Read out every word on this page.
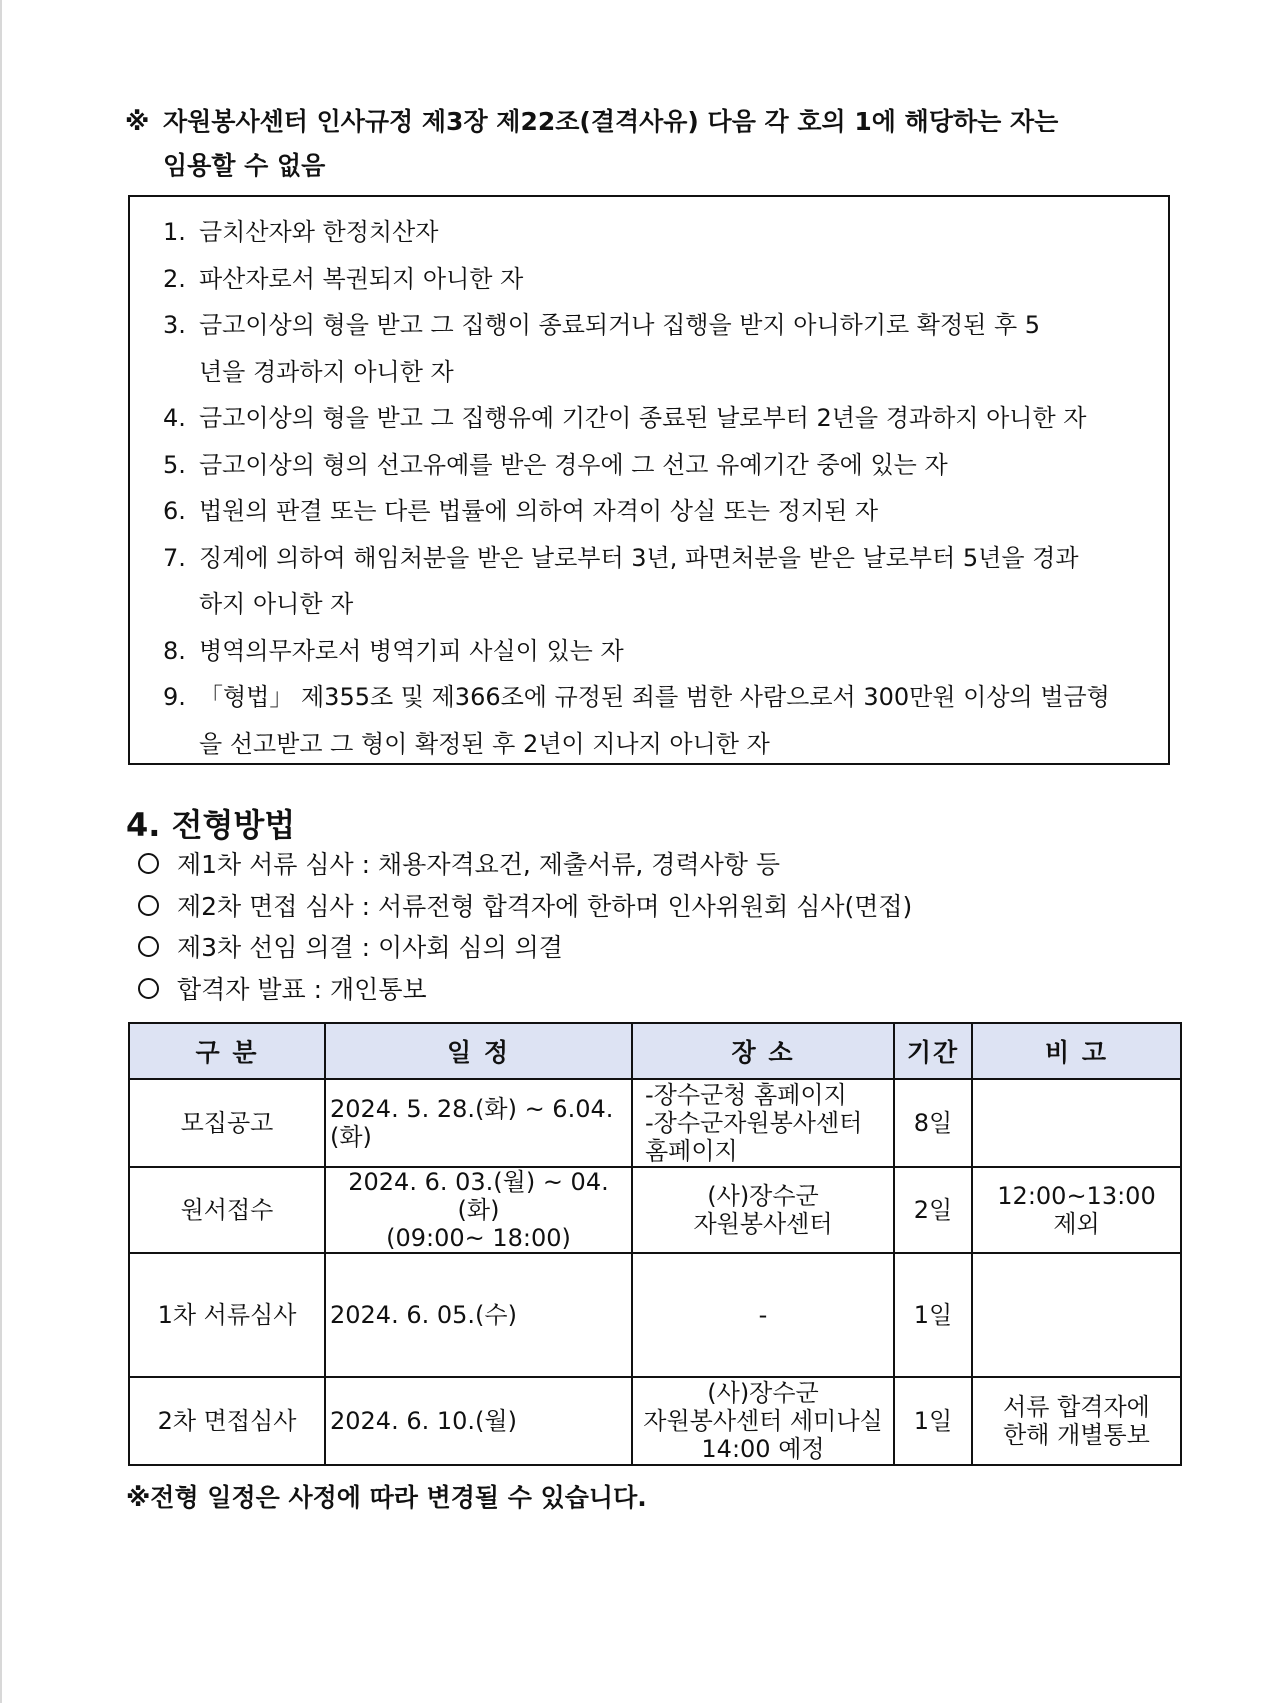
※ 자원봉사센터 인사규정 제3장 제22조(결격사유) 다음 각 호의 1에 해당하는 자는
임용할 수 없음
1. 금치산자와 한정치산자
2. 파산자로서 복권되지 아니한 자
3. 금고이상의 형을 받고 그 집행이 종료되거나 집행을 받지 아니하기로 확정된 후 5
년을 경과하지 아니한 자
4. 금고이상의 형을 받고 그 집행유예 기간이 종료된 날로부터 2년을 경과하지 아니한 자
5. 금고이상의 형의 선고유예를 받은 경우에 그 선고 유예기간 중에 있는 자
6. 법원의 판결 또는 다른 법률에 의하여 자격이 상실 또는 정지된 자
7. 징계에 의하여 해임처분을 받은 날로부터 3년, 파면처분을 받은 날로부터 5년을 경과
하지 아니한 자
8. 병역의무자로서 병역기피 사실이 있는 자
9. 「형법」 제355조 및 제366조에 규정된 죄를 범한 사람으로서 300만원 이상의 벌금형
을 선고받고 그 형이 확정된 후 2년이 지나지 아니한 자
4. 전형방법
제1차 서류 심사 : 채용자격요건, 제출서류, 경력사항 등
제2차 면접 심사 : 서류전형 합격자에 한하며 인사위원회 심사(면접)
제3차 선임 의결 : 이사회 심의 의결
합격자 발표 : 개인통보
구 분	일 정	장 소	기간	비 고
모집공고	2024. 5. 28.(화) ~ 6.04.(화)	-장수군청 홈페이지
-장수군자원봉사센터
홈페이지	8일	
원서접수	2024. 6. 03.(월) ~ 04.(화)
(09:00~ 18:00)	(사)장수군
자원봉사센터	2일	12:00~13:00
제외

1차 서류심사	2024. 6. 05.(수)	-	1일	
2차 면접심사	2024. 6. 10.(월)	(사)장수군
자원봉사센터 세미나실
14:00 예정	1일	서류 합격자에
한해 개별통보
※전형 일정은 사정에 따라 변경될 수 있습니다.
